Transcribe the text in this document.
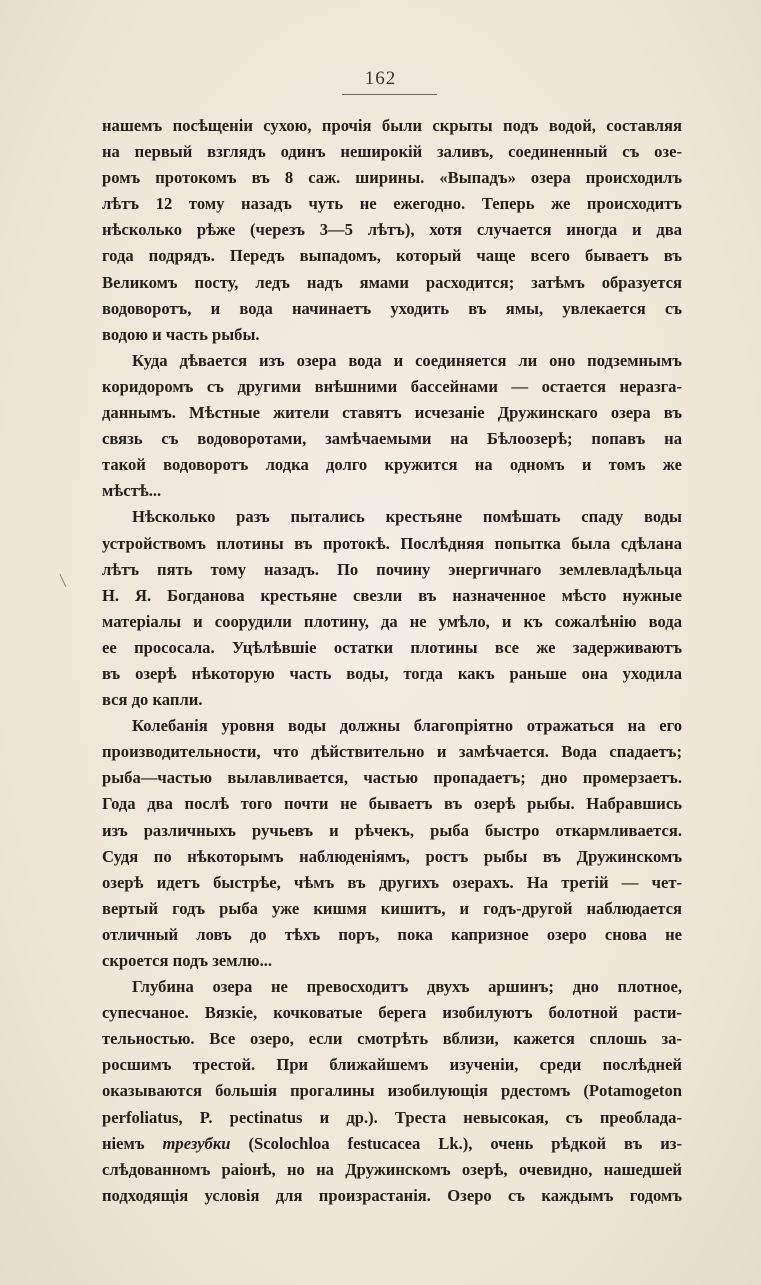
162
нашемъ посѣщеніи сухою, прочія были скрыты подъ водой, составляя
на первый взглядъ одинъ неширокій заливъ, соединенный съ озе-
ромъ протокомъ въ 8 саж. ширины. «Выпадъ» озера происходилъ
лѣтъ 12 тому назадъ чуть не ежегодно. Теперь же происходитъ
нѣсколько рѣже (черезъ 3—5 лѣтъ), хотя случается иногда и два
года подрядъ. Передъ выпадомъ, который чаще всего бываетъ въ
Великомъ посту, ледъ надъ ямами расходится; затѣмъ образуется
водоворотъ, и вода начинаетъ уходить въ ямы, увлекается съ
водою и часть рыбы.
Куда дѣвается изъ озера вода и соединяется ли оно подземнымъ
коридоромъ съ другими внѣшними бассейнами — остается неразга-
даннымъ. Мѣстные жители ставятъ исчезаніе Дружинскаго озера въ
связь съ водоворотами, замѣчаемыми на Бѣлоозерѣ; попавъ на
такой водоворотъ лодка долго кружится на одномъ и томъ же
мѣстѣ...
Нѣсколько разъ пытались крестьяне помѣшать спаду воды
устройствомъ плотины въ протокѣ. Послѣдняя попытка была сдѣлана
лѣтъ пять тому назадъ. По почину энергичнаго землевладѣльца
Н. Я. Богданова крестьяне свезли въ назначенное мѣсто нужные
матеріалы и соорудили плотину, да не умѣло, и къ сожалѣнію вода
ее прососала. Уцѣлѣвшіе остатки плотины все же задерживаютъ
въ озерѣ нѣкоторую часть воды, тогда какъ раньше она уходила
вся до капли.
Колебанія уровня воды должны благопріятно отражаться на его
производительности, что дѣйствительно и замѣчается. Вода спадаетъ;
рыба—частью вылавливается, частью пропадаетъ; дно промерзаетъ.
Года два послѣ того почти не бываетъ въ озерѣ рыбы. Набравшись
изъ различныхъ ручьевъ и рѣчекъ, рыба быстро откармливается.
Судя по нѣкоторымъ наблюденіямъ, ростъ рыбы въ Дружинскомъ
озерѣ идетъ быстрѣе, чѣмъ въ другихъ озерахъ. На третій — чет-
вертый годъ рыба уже кишмя кишитъ, и годъ-другой наблюдается
отличный ловъ до тѣхъ поръ, пока капризное озеро снова не
скроется подъ землю...
Глубина озера не превосходитъ двухъ аршинъ; дно плотное,
супесчаное. Вязкіе, кочковатые берега изобилуютъ болотной расти-
тельностью. Все озеро, если смотрѣть вблизи, кажется сплошь за-
росшимъ трестой. При ближайшемъ изученіи, среди послѣдней
оказываются большія прогалины изобилующія рдестомъ (Potamogeton
perfoliatus, P. pectinatus и др.). Треста невысокая, съ преоблада-
ніемъ трезубки (Scolochloa festucacea Lk.), очень рѣдкой въ из-
слѣдованномъ раіонѣ, но на Дружинскомъ озерѣ, очевидно, нашедшей
подходящія условія для произрастанія. Озеро съ каждымъ годомъ
